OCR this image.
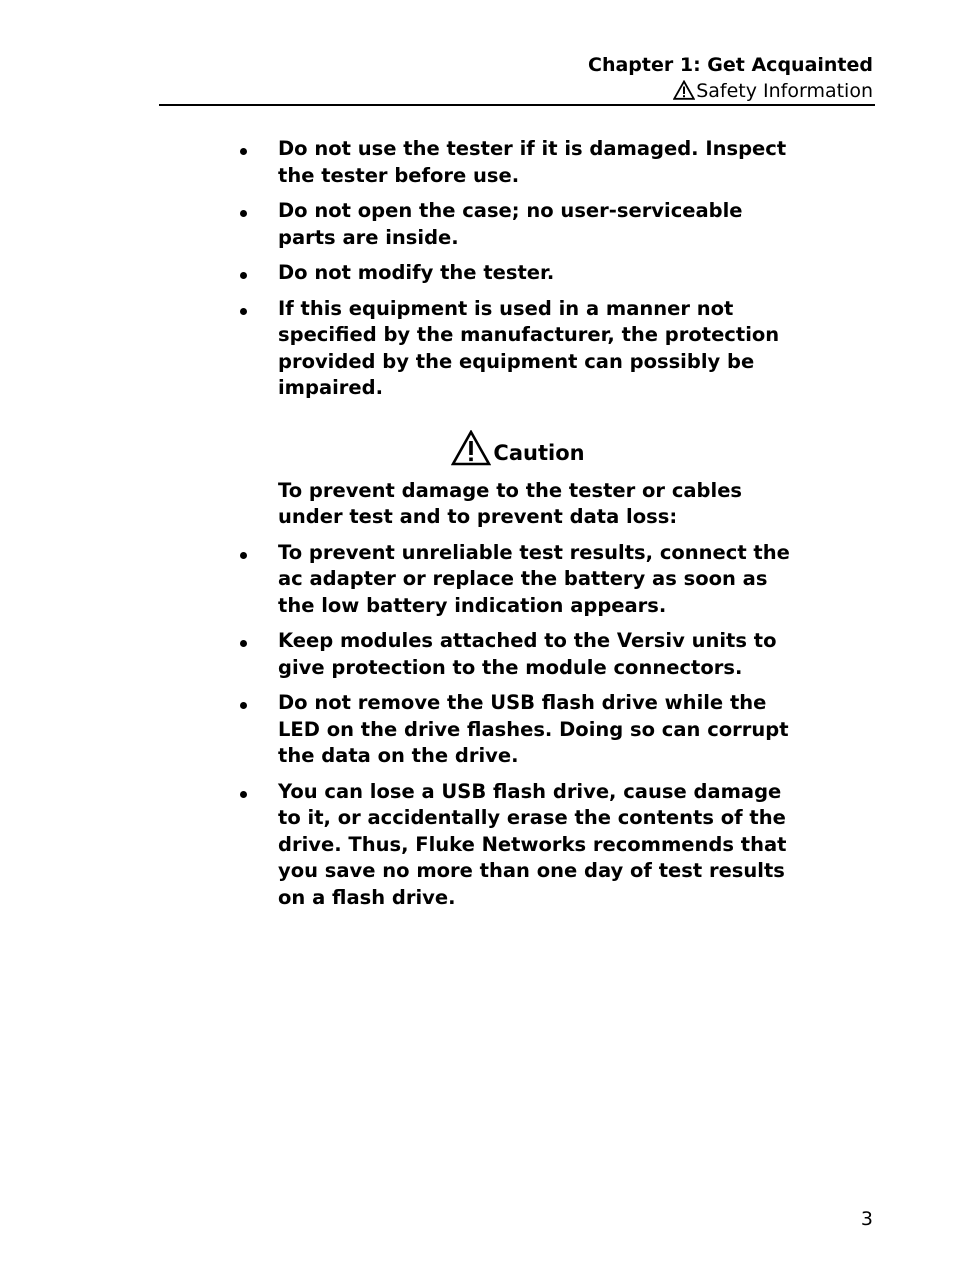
Chapter 1: Get Acquainted
Safety Information
Do not use the tester if it is damaged. Inspect the tester before use.
Do not open the case; no user-serviceable parts are inside.
Do not modify the tester.
If this equipment is used in a manner not specified by the manufacturer, the protection provided by the equipment can possibly be impaired.
Caution
To prevent damage to the tester or cables under test and to prevent data loss:
To prevent unreliable test results, connect the ac adapter or replace the battery as soon as the low battery indication appears.
Keep modules attached to the Versiv units to give protection to the module connectors.
Do not remove the USB flash drive while the LED on the drive flashes. Doing so can corrupt the data on the drive.
You can lose a USB flash drive, cause damage to it, or accidentally erase the contents of the drive. Thus, Fluke Networks recommends that you save no more than one day of test results on a flash drive.
3
